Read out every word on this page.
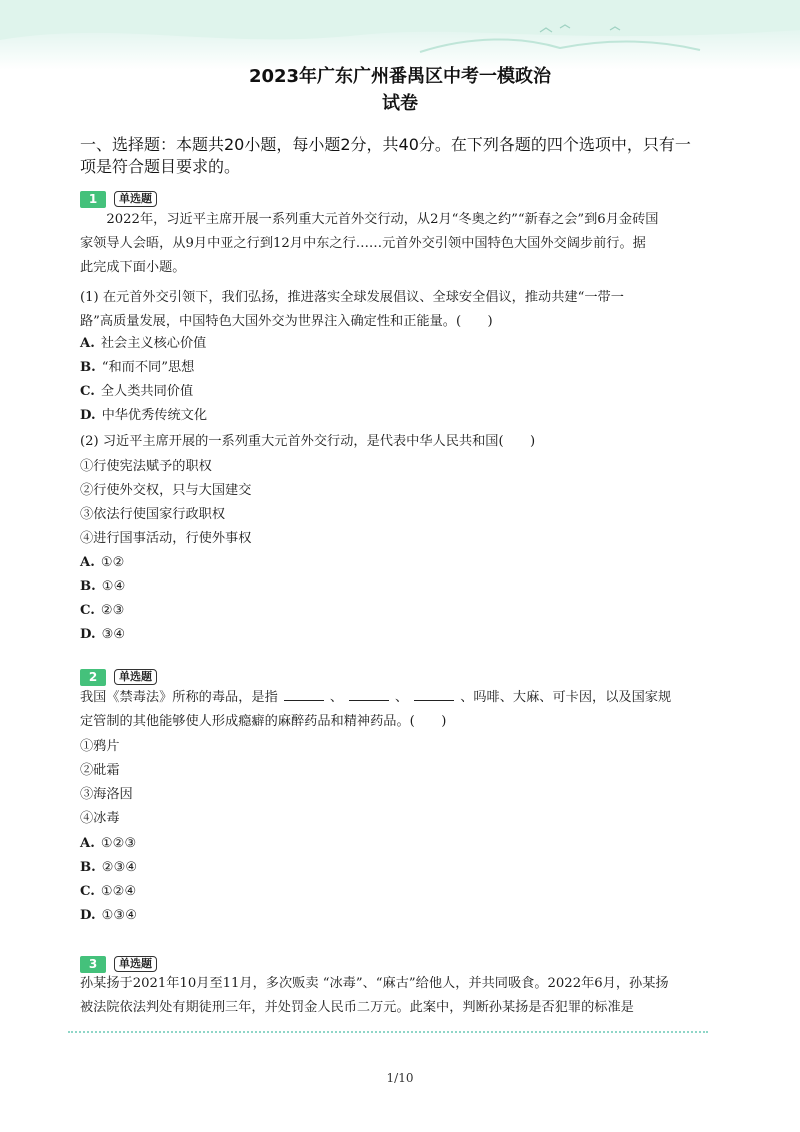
2023年广东广州番禺区中考一模政治
试卷
一、选择题：本题共20小题，每小题2分，共40分。在下列各题的四个选项中，只有一
项是符合题目要求的。
1	单选题
2022年，习近平主席开展一系列重大元首外交行动，从2月“冬奥之约”“新春之会”到6月金砖国
家领导人会晤，从9月中亚之行到12月中东之行……元首外交引领中国特色大国外交阔步前行。据
此完成下面小题。
(1) 在元首外交引领下，我们弘扬，推进落实全球发展倡议、全球安全倡议，推动共建“一带一
路”高质量发展，中国特色大国外交为世界注入确定性和正能量。(　　)
A. 社会主义核心价值
B. “和而不同”思想
C. 全人类共同价值
D. 中华优秀传统文化
(2) 习近平主席开展的一系列重大元首外交行动，是代表中华人民共和国(　　)
①行使宪法赋予的职权
②行使外交权，只与大国建交
③依法行使国家行政职权
④进行国事活动，行使外事权
A. ①②
B. ①④
C. ②③
D. ③④
2	单选题
我国《禁毒法》所称的毒品，是指	、	、	、吗啡、大麻、可卡因，以及国家规
定管制的其他能够使人形成瘾癖的麻醉药品和精神药品。(　　)
①鸦片
②砒霜
③海洛因
④冰毒
A. ①②③
B. ②③④
C. ①②④
D. ①③④
3	单选题
孙某扬于2021年10月至11月，多次贩卖 “冰毒”、“麻古”给他人，并共同吸食。2022年6月，孙某扬
被法院依法判处有期徒刑三年，并处罚金人民币二万元。此案中，判断孙某扬是否犯罪的标准是
1/10
